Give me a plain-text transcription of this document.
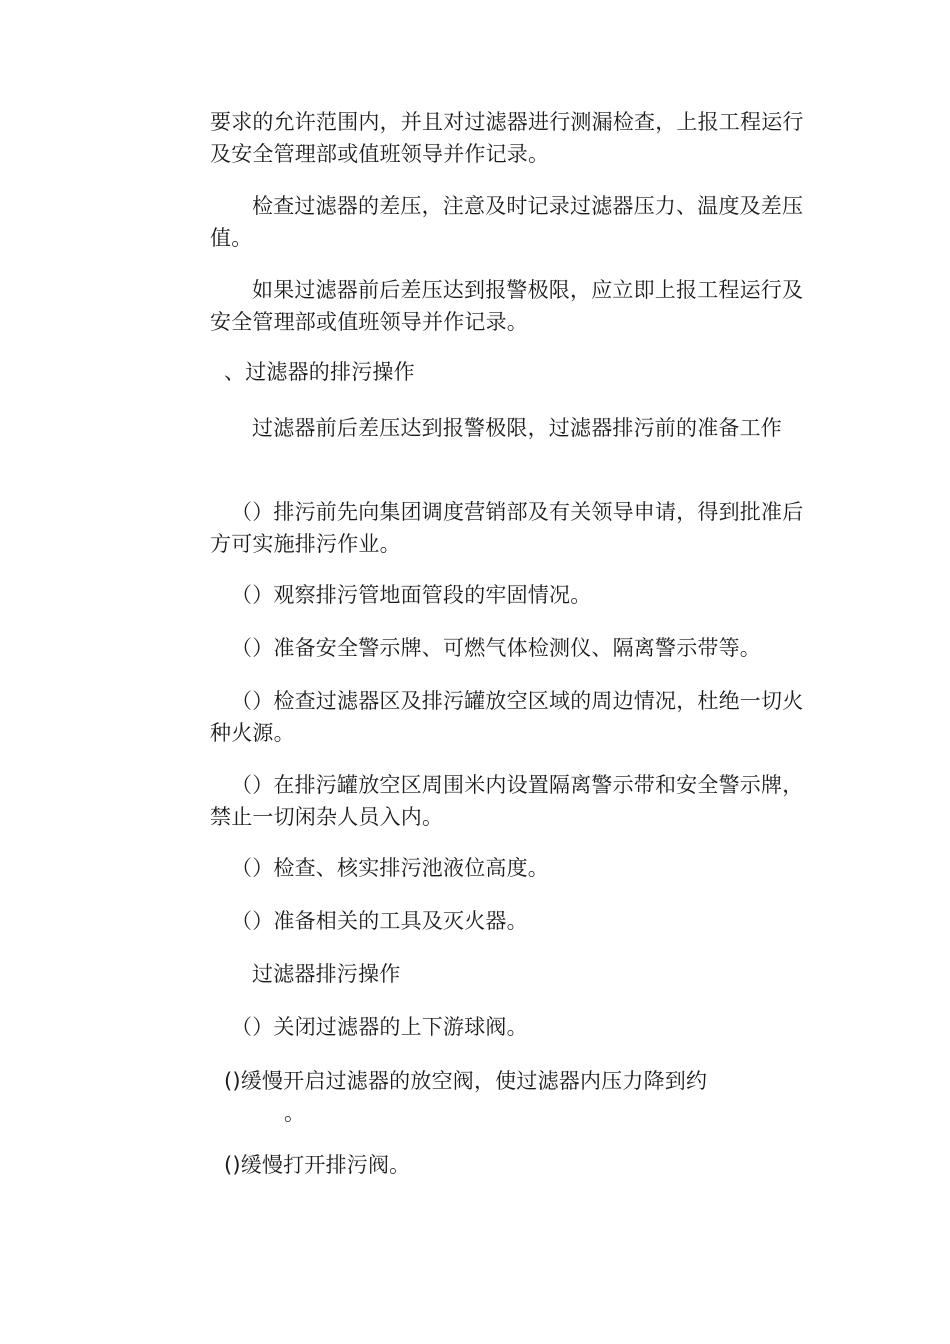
要求的允许范围内，并且对过滤器进行测漏检查，上报工程运行及安全管理部或值班领导并作记录。

检查过滤器的差压，注意及时记录过滤器压力、温度及差压值。

如果过滤器前后差压达到报警极限，应立即上报工程运行及安全管理部或值班领导并作记录。

、过滤器的排污操作

过滤器前后差压达到报警极限，过滤器排污前的准备工作

（）排污前先向集团调度营销部及有关领导申请，得到批准后方可实施排污作业。

（）观察排污管地面管段的牢固情况。

（）准备安全警示牌、可燃气体检测仪、隔离警示带等。

（）检查过滤器区及排污罐放空区域的周边情况，杜绝一切火种火源。

（）在排污罐放空区周围米内设置隔离警示带和安全警示牌，禁止一切闲杂人员入内。

（）检查、核实排污池液位高度。

（）准备相关的工具及灭火器。

过滤器排污操作

（）关闭过滤器的上下游球阀。

()缓慢开启过滤器的放空阀，使过滤器内压力降到约

。

()缓慢打开排污阀。
